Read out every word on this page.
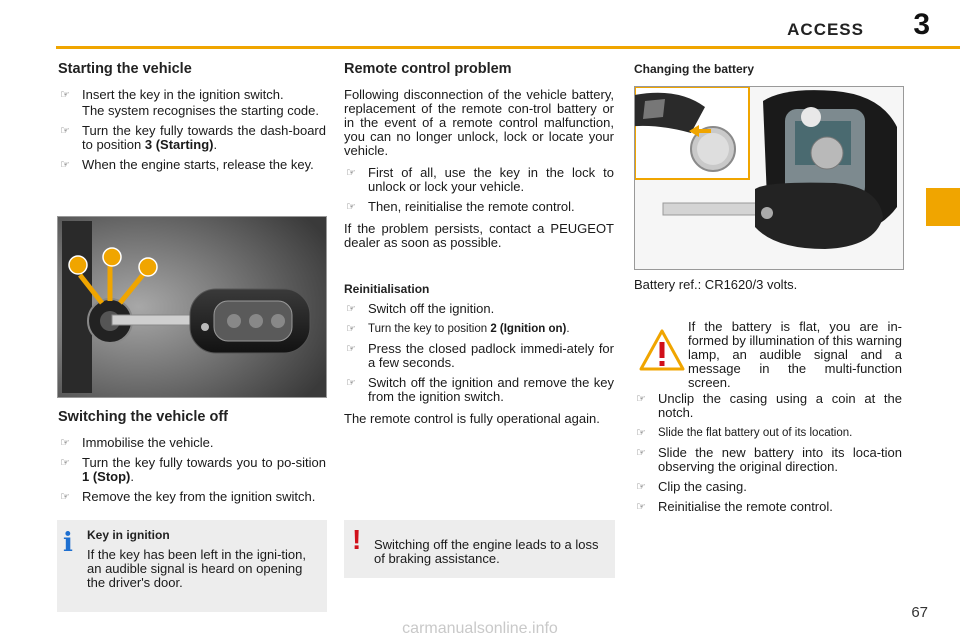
ACCESS 3
Starting the vehicle
☞ Insert the key in the ignition switch.

The system recognises the starting code.

☞ Turn the key fully towards the dash-board to position 3 (Starting).
☞ When the engine starts, release the key.
Switching the vehicle off
☞ Immobilise the vehicle.
☞ Turn the key fully towards you to po-sition 1 (Stop).
☞ Remove the key from the ignition switch.
i Key in ignition

If the key has been left in the igni-tion, an audible signal is heard on opening the driver's door.

Remote control problem

Following disconnection of the vehicle battery, replacement of the remote con-trol battery or in the event of a remote control malfunction, you can no longer unlock, lock or locate your vehicle.

☞ First of all, use the key in the lock to unlock or lock your vehicle.
☞ Then, reinitialise the remote control.

If the problem persists, contact a PEUGEOT dealer as soon as possible.

Reinitialisation
☞ Switch off the ignition.
☞ Turn the key to position 2 (Ignition on).
☞ Press the closed padlock immedi-ately for a few seconds.
☞ Switch off the ignition and remove the key from the ignition switch.

The remote control is fully operational again.

! Switching off the engine leads to a loss of braking assistance.

Changing the battery

Battery ref.: CR1620/3 volts.

If the battery is flat, you are in-formed by illumination of this warning lamp, an audible signal and a message in the multi-function screen.

☞ Unclip the casing using a coin at the notch.
☞ Slide the flat battery out of its location.
☞ Slide the new battery into its loca-tion observing the original direction.
☞ Clip the casing.
☞ Reinitialise the remote control.
67
carmanualsonline.info
